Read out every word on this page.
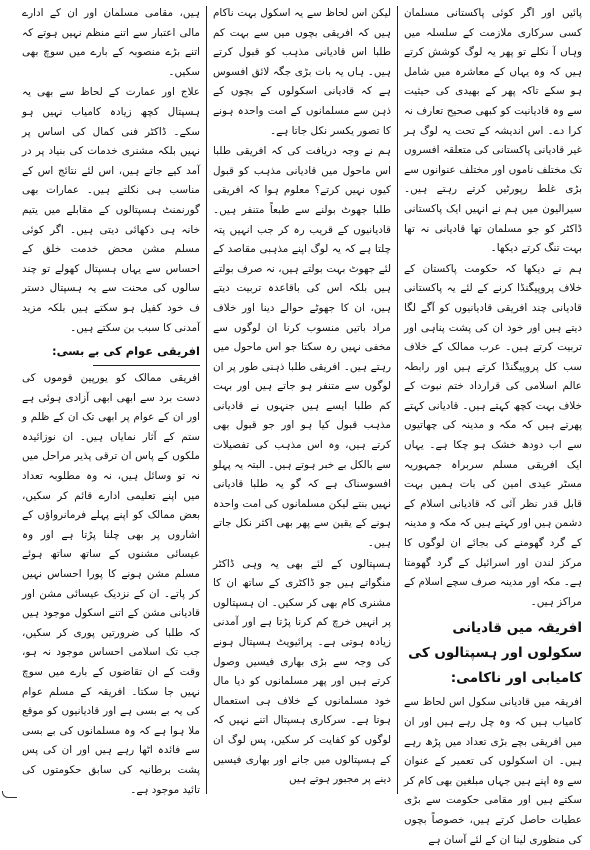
پائیں اور اگر کوئی پاکستانی مسلمان کسی سرکاری ملازمت کے سلسلہ میں وہاں آ نکلے تو پھر یہ لوگ کوشش کرتے ہیں کہ وہ یہاں کے معاشرہ میں شامل ہو سکے تاکہ پھر کے بھیدی کی حیثیت سے وہ قادیانیت کو کبھی صحیح تعارف نہ کرا دے۔ اس اندیشہ کے تحت یہ لوگ ہر غیر قادیانی پاکستانی کی متعلقہ افسروں تک مختلف ناموں اور مختلف عنوانوں سے بڑی غلط رپورٹیں کرتے رہتے ہیں۔ سیرالیون میں ہم نے انہیں ایک پاکستانی ڈاکٹر کو جو مسلمان تھا قادیانی نہ تھا بہت تنگ کرتے دیکھا۔

ہم نے دیکھا کہ حکومت پاکستان کے خلاف پروپیگنڈا کرنے کے لئے یہ پاکستانی قادیانی چند افریقی قادیانیوں کو آگے لگا دیتے ہیں اور خود ان کی پشت پناہی اور تربیت کرتے ہیں۔ عرب ممالک کے خلاف سب کل پروپیگنڈا کرتے ہیں اور رابطہ عالم اسلامی کی قرارداد ختم نبوت کے خلاف بہت کچھ کہتے ہیں۔ قادیانی کہتے پھرتے ہیں کہ مکہ و مدینہ کی چھاتیوں سے اب دودھ خشک ہو چکا ہے۔ یہاں ایک افریقی مسلم سربراہ جمہوریہ مسٹر عیدی امین کی بات ہمیں بہت قابل قدر نظر آئی کہ قادیانی اسلام کے دشمن ہیں اور کہتے ہیں کہ مکہ و مدینہ کے گرد گھومنے کی بجائے ان لوگوں کا مرکز لندن اور اسرائیل کے گرد گھومتا ہے۔ مکہ اور مدینہ صرف سچے اسلام کے مراکز ہیں۔

افریقہ میں قادیانی سکولوں اور ہسپتالوں کی کامیابی اور ناکامی:

افریقہ میں قادیانی سکول اس لحاظ سے کامیاب ہیں کہ وہ چل رہے ہیں اور ان میں افریقی بچے بڑی تعداد میں پڑھ رہے ہیں۔ ان اسکولوں کی تعمیر کے عنوان سے وہ اپنے ہیں جہاں مبلغین بھی کام کر سکتے ہیں اور مقامی حکومت سے بڑی عطیات حاصل کرتے ہیں، خصوصاً بچوں کی منظوری لینا ان کے لئے آسان ہے

لیکن اس لحاظ سے یہ اسکول بہت ناکام ہیں کہ افریقی بچوں میں سے بہت کم طلبا اس قادیانی مذہب کو قبول کرتے ہیں۔ ہاں یہ بات بڑی جگہ لائق افسوس ہے کہ قادیانی اسکولوں کے بچوں کے ذہن سے مسلمانوں کے امت واحدہ ہونے کا تصور یکسر نکل جاتا ہے۔

ہم نے وجہ دریافت کی کہ افریقی طلبا اس ماحول میں قادیانی مذہب کو قبول کیوں نہیں کرتے؟ معلوم ہوا کہ افریقی طلبا جھوٹ بولنے سے طبعاً متنفر ہیں۔ قادیانیوں کے قریب رہ کر جب انہیں پتہ چلتا ہے کہ یہ لوگ اپنے مذہبی مقاصد کے لئے جھوٹ بہت بولتے ہیں، نہ صرف بولتے ہیں بلکہ اس کی باقاعدہ تربیت دیتے ہیں، ان کا جھوٹے حوالے دینا اور خلاف مراد باتیں منسوب کرنا ان لوگوں سے مخفی نہیں رہ سکتا جو اس ماحول میں رہتے ہیں۔ افریقی طلبا ذہنی طور پر ان لوگوں سے متنفر ہو جاتے ہیں اور بہت کم طلبا ایسے ہیں جنہوں نے قادیانی مذہب قبول کیا ہو اور جو قبول بھی کرتے ہیں، وہ اس مذہب کی تفصیلات سے بالکل بے خبر ہوتے ہیں۔ البتہ یہ پہلو افسوسناک ہے کہ گو یہ طلبا قادیانی نہیں بنتے لیکن مسلمانوں کی امت واحدہ ہونے کے یقین سے پھر بھی اکثر نکل جاتے ہیں۔

ہسپتالوں کے لئے بھی یہ وہی ڈاکٹر منگواتے ہیں جو ڈاکٹری کے ساتھ ان کا مشنری کام بھی کر سکیں۔ ان ہسپتالوں پر انہیں خرچ کم کرنا پڑتا ہے اور آمدنی زیادہ ہوتی ہے۔ پرائیویٹ ہسپتال ہونے کی وجہ سے بڑی بھاری فیسیں وصول کرتے ہیں اور پھر مسلمانوں کو دیا مال خود مسلمانوں کے خلاف ہی استعمال ہوتا ہے۔ سرکاری ہسپتال اتنے نہیں کہ لوگوں کو کفایت کر سکیں، پس لوگ ان کے ہسپتالوں میں جانے اور بھاری فیسیں دینے پر مجبور ہوتے ہیں

ہیں، مقامی مسلمان اور ان کے ادارے مالی اعتبار سے اتنے منظم نہیں ہوتے کہ اتنے بڑے منصوبہ کے بارے میں سوچ بھی سکیں۔

علاج اور عمارت کے لحاظ سے بھی یہ ہسپتال کچھ زیادہ کامیاب نہیں ہو سکے۔ ڈاکٹر فنی کمال کی اساس پر نہیں بلکہ مشنری خدمات کی بنیاد پر در آمد کیے جاتے ہیں، اس لئے نتائج اس کے مناسب ہی نکلتے ہیں۔ عمارات بھی گورنمنٹ ہسپتالوں کے مقابلے میں یتیم خانہ ہی دکھائی دیتی ہیں۔ اگر کوئی مسلم مشن محض خدمت خلق کے احساس سے یہاں ہسپتال کھولے تو چند سالوں کی محنت سے یہ ہسپتال دستر ف خود کفیل ہو سکتے ہیں بلکہ مزید آمدنی کا سبب بن سکتے ہیں۔

افریقی عوام کی بے بسی:

افریقی ممالک کو یورپین قوموں کی دست برد سے ابھی ابھی آزادی ہوئی ہے اور ان کے عوام پر ابھی تک ان کے ظلم و ستم کے آثار نمایاں ہیں۔ ان نوزائیدہ ملکوں کے پاس ان ترقی پذیر مراحل میں نہ تو وسائل ہیں، نہ وہ مطلوبہ تعداد میں اپنے تعلیمی ادارے قائم کر سکیں، بعض ممالک کو اپنے پہلے فرمانرواؤں کے اشاروں پر بھی چلنا پڑتا ہے اور وہ عیسائی مشنوں کے ساتھ ساتھ ہوئے مسلم مشن ہونے کا پورا احساس نہیں کر پاتے۔ ان کے نزدیک عیسائی مشن اور قادیانی مشن کے اتنے اسکول موجود ہیں کہ طلبا کی ضرورتیں پوری کر سکیں، جب تک اسلامی احساس موجود نہ ہو، وقت کے ان تقاضوں کے بارے میں سوچ نہیں جا سکتا۔ افریقہ کے مسلم عوام کی یہ بے بسی ہے اور قادیانیوں کو موقع ملا ہوا ہے کہ وہ مسلمانوں کی بے بسی سے فائدہ اٹھا رہے ہیں اور ان کی پس پشت برطانیہ کی سابق حکومتوں کی تائید موجود ہے۔
